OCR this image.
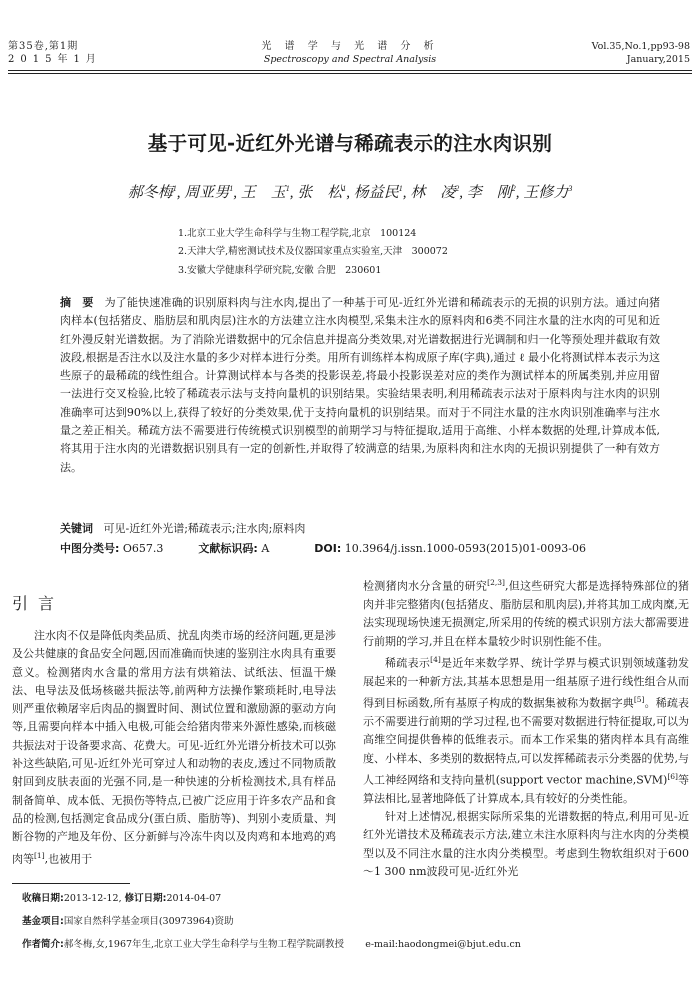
第35卷,第1期
2015年1月
光 谱 学 与 光 谱 分 析
Spectroscopy and Spectral Analysis
Vol.35,No.1,pp93-98
January,2015
基于可见-近红外光谱与稀疏表示的注水肉识别
郝冬梅$^1$, 周亚男$^1$, 王　玉$^1$, 张　松$^1$, 杨益民$^1$, 林　凌$^2$, 李　刚$^2$, 王修力$^3$
1.北京工业大学生命科学与生物工程学院,北京　100124
2.天津大学,精密测试技术及仪器国家重点实验室,天津　300072
3.安徽大学健康科学研究院,安徽 合肥　230601
摘　要 为了能快速准确的识别原料肉与注水肉,提出了一种基于可见-近红外光谱和稀疏表示的无损的识别方法。通过向猪肉样本(包括猪皮、脂肪层和肌肉层)注水的方法建立注水肉模型,采集未注水的原料肉和6类不同注水量的注水肉的可见和近红外漫反射光谱数据。为了消除光谱数据中的冗余信息并提高分类效果,对光谱数据进行光调制和归一化等预处理并截取有效波段,根据是否注水以及注水量的多少对样本进行分类。用所有训练样本构成原子库(字典),通过 ℓ 最小化将测试样本表示为这些原子的最稀疏的线性组合。计算测试样本与各类的投影误差,将最小投影误差对应的类作为测试样本的所属类别,并应用留一法进行交叉检验,比较了稀疏表示法与支持向量机的识别结果。实验结果表明,利用稀疏表示法对于原料肉与注水肉的识别准确率可达到90%以上,获得了较好的分类效果,优于支持向量机的识别结果。而对于不同注水量的注水肉识别准确率与注水量之差正相关。稀疏方法不需要进行传统模式识别模型的前期学习与特征提取,适用于高维、小样本数据的处理,计算成本低,将其用于注水肉的光谱数据识别具有一定的创新性,并取得了较满意的结果,为原料肉和注水肉的无损识别提供了一种有效方法。
关键词 可见-近红外光谱;稀疏表示;注水肉;原料肉
中图分类号: O657.3	文献标识码: A	DOI: 10.3964/j.issn.1000-0593(2015)01-0093-06
引言

注水肉不仅是降低肉类品质、扰乱肉类市场的经济问题,更是涉及公共健康的食品安全问题,因而准确而快速的鉴别注水肉具有重要意义。检测猪肉水含量的常用方法有烘箱法、试纸法、恒温干燥法、电导法及低场核磁共振法等,前两种方法操作繁琐耗时,电导法则严重依赖屠宰后肉品的搁置时间、测试位置和激励源的驱动方向等,且需要向样本中插入电极,可能会给猪肉带来外源性感染,而核磁共振法对于设备要求高、花费大。可见-近红外光谱分析技术可以弥补这些缺陷,可见-近红外光可穿过人和动物的表皮,透过不同物质散射回到皮肤表面的光强不同,是一种快速的分析检测技术,具有样品制备简单、成本低、无损伤等特点,已被广泛应用于许多农产品和食品的检测,包括测定食品成分(蛋白质、脂肪等)、判别小麦质量、判断谷物的产地及年份、区分新鲜与冷冻牛肉以及肉鸡和本地鸡的鸡肉等[1],也被用于

检测猪肉水分含量的研究[2,3],但这些研究大都是选择特殊部位的猪肉并非完整猪肉(包括猪皮、脂肪层和肌肉层),并将其加工成肉糜,无法实现现场快速无损测定,所采用的传统的模式识别方法大都需要进行前期的学习,并且在样本量较少时识别性能不佳。

稀疏表示[4]是近年来数学界、统计学界与模式识别领域蓬勃发展起来的一种新方法,其基本思想是用一组基原子进行线性组合从而得到目标函数,所有基原子构成的数据集被称为数据字典[5]。稀疏表示不需要进行前期的学习过程,也不需要对数据进行特征提取,可以为高维空间提供鲁棒的低维表示。而本工作采集的猪肉样本具有高维度、小样本、多类别的数据特点,可以发挥稀疏表示分类器的优势,与人工神经网络和支持向量机(support vector machine,SVM)[6]等算法相比,显著地降低了计算成本,具有较好的分类性能。

针对上述情况,根据实际所采集的光谱数据的特点,利用可见-近红外光谱技术及稀疏表示方法,建立未注水原料肉与注水肉的分类模型以及不同注水量的注水肉分类模型。考虑到生物软组织对于600～1 300 nm波段可见-近红外光

收稿日期:2013-12-12, 修订日期:2014-04-07
基金项目:国家自然科学基金项目(30973964)资助
作者简介:郝冬梅,女,1967年生,北京工业大学生命科学与生物工程学院副教授 e-mail:haodongmei@bjut.edu.cn
